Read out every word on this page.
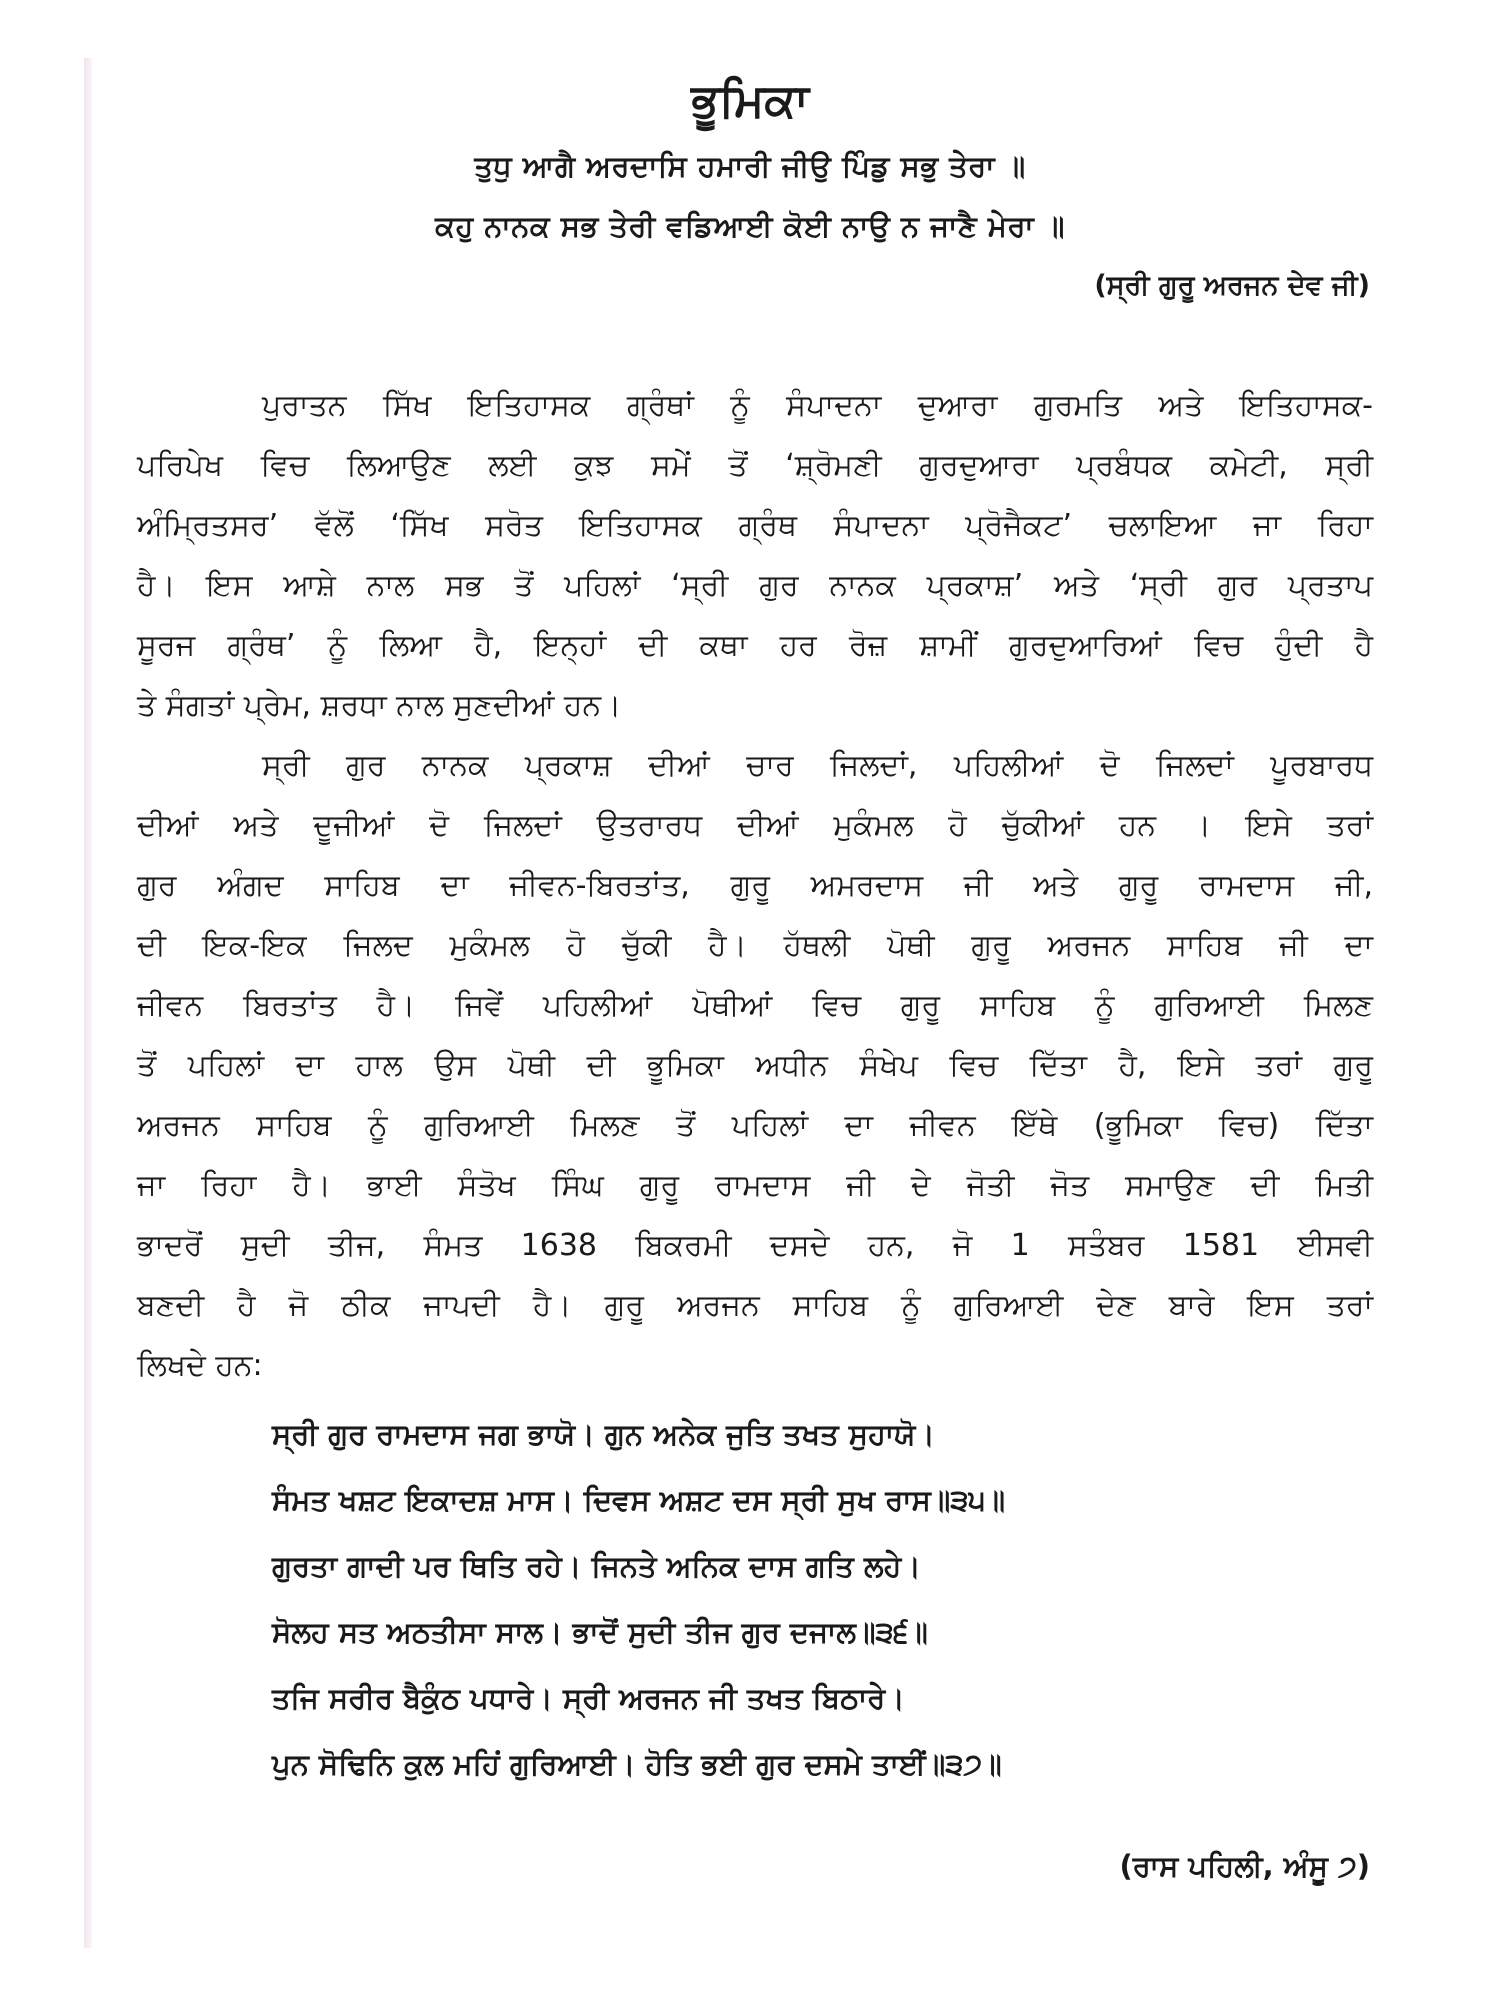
ਭੂਮਿਕਾ
ਤੁਧੁ ਆਗੈ ਅਰਦਾਸਿ ਹਮਾਰੀ ਜੀਉ ਪਿੰਡੁ ਸਭੁ ਤੇਰਾ ॥
ਕਹੁ ਨਾਨਕ ਸਭ ਤੇਰੀ ਵਡਿਆਈ ਕੋਈ ਨਾਉ ਨ ਜਾਣੈ ਮੇਰਾ ॥
(ਸ੍ਰੀ ਗੁਰੂ ਅਰਜਨ ਦੇਵ ਜੀ)
ਪੁਰਾਤਨ ਸਿੱਖ ਇਤਿਹਾਸਕ ਗ੍ਰੰਥਾਂ ਨੂੰ ਸੰਪਾਦਨਾ ਦੁਆਰਾ ਗੁਰਮਤਿ ਅਤੇ ਇਤਿਹਾਸਕ-
ਪਰਿਪੇਖ ਵਿਚ ਲਿਆਉਣ ਲਈ ਕੁਝ ਸਮੇਂ ਤੋਂ ‘ਸ਼੍ਰੋਮਣੀ ਗੁਰਦੁਆਰਾ ਪ੍ਰਬੰਧਕ ਕਮੇਟੀ, ਸ੍ਰੀ
ਅੰਮ੍ਰਿਤਸਰ’ ਵੱਲੋਂ ‘ਸਿੱਖ ਸਰੋਤ ਇਤਿਹਾਸਕ ਗ੍ਰੰਥ ਸੰਪਾਦਨਾ ਪ੍ਰੋਜੈਕਟ’ ਚਲਾਇਆ ਜਾ ਰਿਹਾ
ਹੈ। ਇਸ ਆਸ਼ੇ ਨਾਲ ਸਭ ਤੋਂ ਪਹਿਲਾਂ ‘ਸ੍ਰੀ ਗੁਰ ਨਾਨਕ ਪ੍ਰਕਾਸ਼’ ਅਤੇ ‘ਸ੍ਰੀ ਗੁਰ ਪ੍ਰਤਾਪ
ਸੂਰਜ ਗ੍ਰੰਥ’ ਨੂੰ ਲਿਆ ਹੈ, ਇਨ੍ਹਾਂ ਦੀ ਕਥਾ ਹਰ ਰੋਜ਼ ਸ਼ਾਮੀਂ ਗੁਰਦੁਆਰਿਆਂ ਵਿਚ ਹੁੰਦੀ ਹੈ
ਤੇ ਸੰਗਤਾਂ ਪ੍ਰੇਮ, ਸ਼ਰਧਾ ਨਾਲ ਸੁਣਦੀਆਂ ਹਨ।
ਸ੍ਰੀ ਗੁਰ ਨਾਨਕ ਪ੍ਰਕਾਸ਼ ਦੀਆਂ ਚਾਰ ਜਿਲਦਾਂ, ਪਹਿਲੀਆਂ ਦੋ ਜਿਲਦਾਂ ਪੂਰਬਾਰਧ
ਦੀਆਂ ਅਤੇ ਦੂਜੀਆਂ ਦੋ ਜਿਲਦਾਂ ਉਤਰਾਰਧ ਦੀਆਂ ਮੁਕੰਮਲ ਹੋ ਚੁੱਕੀਆਂ ਹਨ । ਇਸੇ ਤਰਾਂ
ਗੁਰ ਅੰਗਦ ਸਾਹਿਬ ਦਾ ਜੀਵਨ-ਬਿਰਤਾਂਤ, ਗੁਰੂ ਅਮਰਦਾਸ ਜੀ ਅਤੇ ਗੁਰੂ ਰਾਮਦਾਸ ਜੀ,
ਦੀ ਇਕ-ਇਕ ਜਿਲਦ ਮੁਕੰਮਲ ਹੋ ਚੁੱਕੀ ਹੈ। ਹੱਥਲੀ ਪੋਥੀ ਗੁਰੂ ਅਰਜਨ ਸਾਹਿਬ ਜੀ ਦਾ
ਜੀਵਨ ਬਿਰਤਾਂਤ ਹੈ। ਜਿਵੇਂ ਪਹਿਲੀਆਂ ਪੋਥੀਆਂ ਵਿਚ ਗੁਰੂ ਸਾਹਿਬ ਨੂੰ ਗੁਰਿਆਈ ਮਿਲਣ
ਤੋਂ ਪਹਿਲਾਂ ਦਾ ਹਾਲ ਉਸ ਪੋਥੀ ਦੀ ਭੂਮਿਕਾ ਅਧੀਨ ਸੰਖੇਪ ਵਿਚ ਦਿੱਤਾ ਹੈ, ਇਸੇ ਤਰਾਂ ਗੁਰੂ
ਅਰਜਨ ਸਾਹਿਬ ਨੂੰ ਗੁਰਿਆਈ ਮਿਲਣ ਤੋਂ ਪਹਿਲਾਂ ਦਾ ਜੀਵਨ ਇੱਥੇ (ਭੂਮਿਕਾ ਵਿਚ) ਦਿੱਤਾ
ਜਾ ਰਿਹਾ ਹੈ। ਭਾਈ ਸੰਤੋਖ ਸਿੰਘ ਗੁਰੂ ਰਾਮਦਾਸ ਜੀ ਦੇ ਜੋਤੀ ਜੋਤ ਸਮਾਉਣ ਦੀ ਮਿਤੀ
ਭਾਦਰੋਂ ਸੁਦੀ ਤੀਜ, ਸੰਮਤ 1638 ਬਿਕਰਮੀ ਦਸਦੇ ਹਨ, ਜੋ 1 ਸਤੰਬਰ 1581 ਈਸਵੀ
ਬਣਦੀ ਹੈ ਜੋ ਠੀਕ ਜਾਪਦੀ ਹੈ। ਗੁਰੂ ਅਰਜਨ ਸਾਹਿਬ ਨੂੰ ਗੁਰਿਆਈ ਦੇਣ ਬਾਰੇ ਇਸ ਤਰਾਂ
ਲਿਖਦੇ ਹਨ:
ਸ੍ਰੀ ਗੁਰ ਰਾਮਦਾਸ ਜਗ ਭਾਯੋ। ਗੁਨ ਅਨੇਕ ਜੁਤਿ ਤਖਤ ਸੁਹਾਯੋ।
ਸੰਮਤ ਖਸ਼ਟ ਇਕਾਦਸ਼ ਮਾਸ। ਦਿਵਸ ਅਸ਼ਟ ਦਸ ਸ੍ਰੀ ਸੁਖ ਰਾਸ॥੩੫॥
ਗੁਰਤਾ ਗਾਦੀ ਪਰ ਥਿਤਿ ਰਹੇ। ਜਿਨਤੇ ਅਨਿਕ ਦਾਸ ਗਤਿ ਲਹੇ।
ਸੋਲਹ ਸਤ ਅਠਤੀਸਾ ਸਾਲ। ਭਾਦੋਂ ਸੁਦੀ ਤੀਜ ਗੁਰ ਦਜਾਲ॥੩੬॥
ਤਜਿ ਸਰੀਰ ਬੈਕੁੰਠ ਪਧਾਰੇ। ਸ੍ਰੀ ਅਰਜਨ ਜੀ ਤਖਤ ਬਿਠਾਰੇ।
ਪੁਨ ਸੋਢਿਨਿ ਕੁਲ ਮਹਿਂ ਗੁਰਿਆਈ। ਹੋਤਿ ਭਈ ਗੁਰ ਦਸਮੇ ਤਾਈਂ॥੩੭॥
(ਰਾਸ ਪਹਿਲੀ, ਅੰਸੂ ੭)
